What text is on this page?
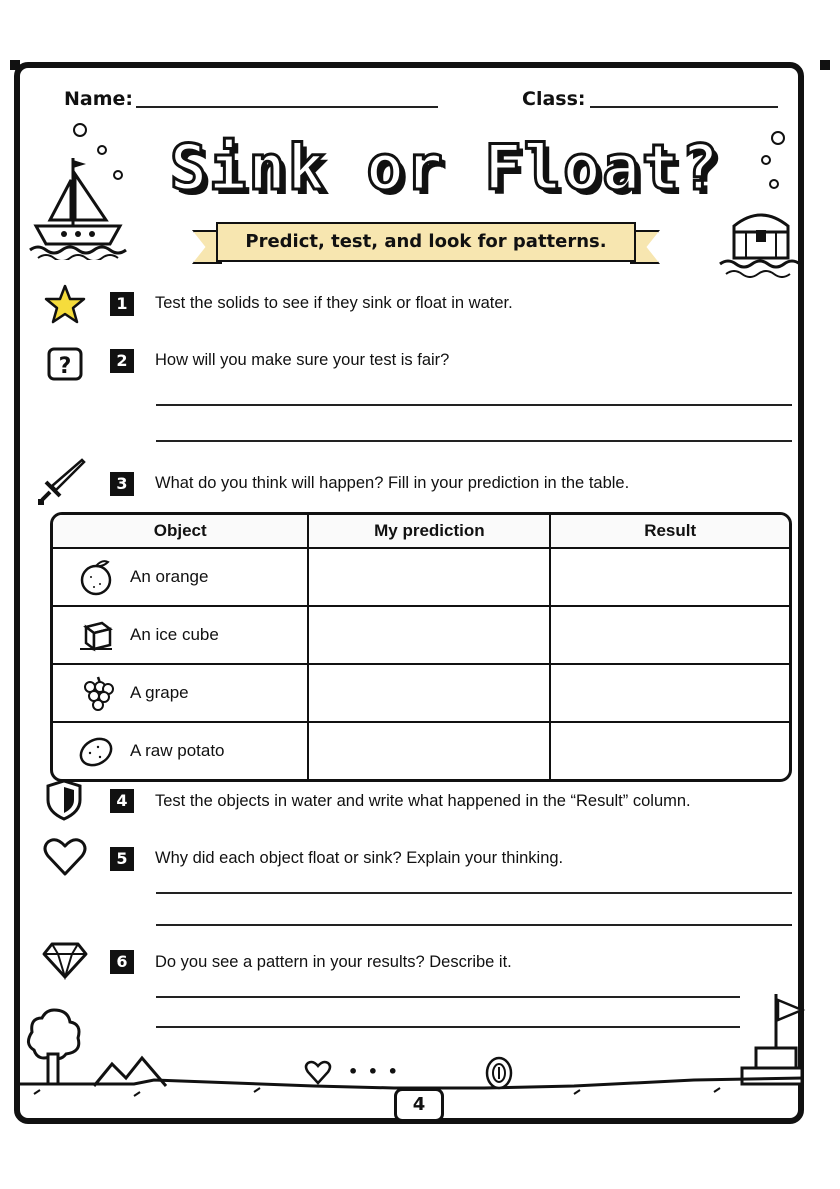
Name:	Class:
Sink or Float?
Predict, test, and look for patterns.
1	Test the solids to see if they sink or float in water.
?	2	How will you make sure your test is fair?
3	What do you think will happen? Fill in your prediction in the table.
Object	My prediction	Result

An orange		

An ice cube		

A grape		

A raw potato		

4	Test the objects in water and write what happened in the “Result” column.
5	Why did each object float or sink? Explain your thinking.
6	Do you see a pattern in your results? Describe it.
• • •
4
